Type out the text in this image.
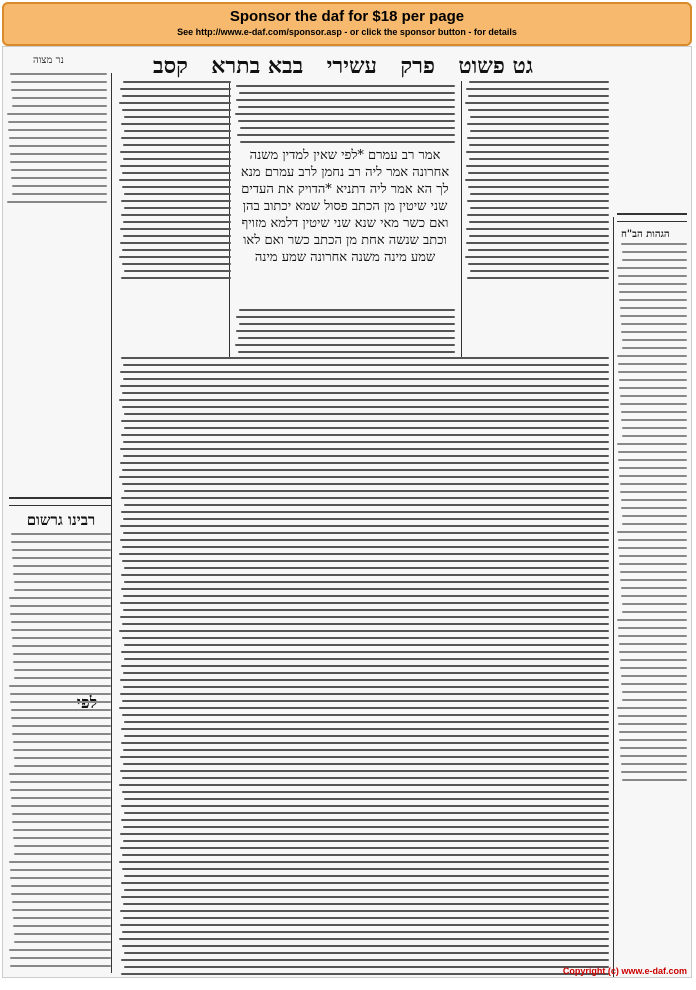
Sponsor the daf for $18 per page
See http://www.e-daf.com/sponsor.asp - or click the sponsor button - for details
גט פשוט
פרק
עשירי
בבא בתרא
קסב
נר מצוה
הגהות הב"ח
רבינו גרשום
אמר רב עמרם *לפי שאין למדין משנה אחרונה אמר ליה רב נחמן לרב עמרם מנא לך הא אמר ליה דתניא *הדויק את העדים שני שיטין מן הכתב פסול שמא יכתוב בהן ואם כשר מאי שנא שני שיטין דלמא מזויף וכתב שנשה אחת מן הכתב כשר ואם לאו שמע מינה משנה אחרונה שמע מינה
Copyright (c) www.e-daf.com
